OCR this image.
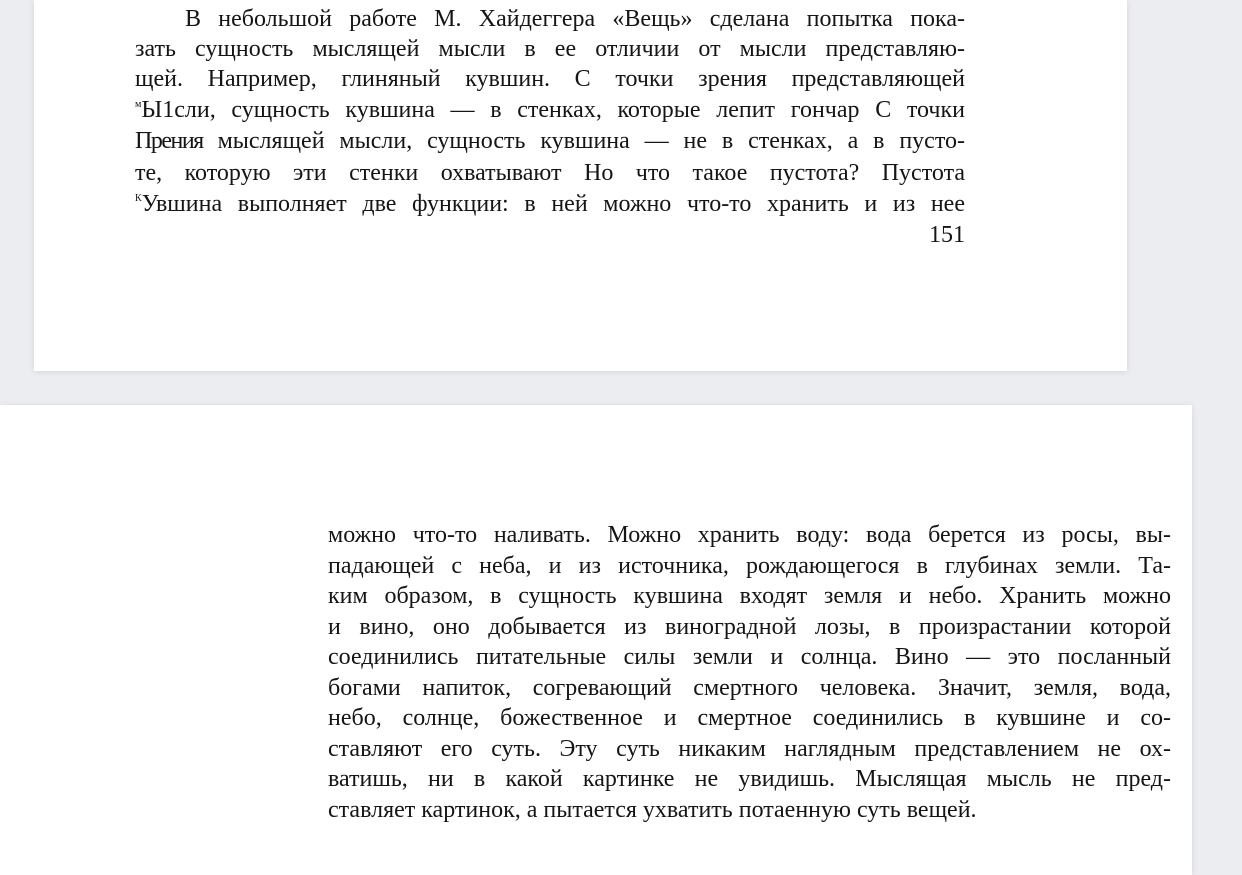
В небольшой работе М. Хайдеггера «Вещь» сделана попытка пока-
зать сущность мыслящей мысли в ее отличии от мысли представляю-
щей. Например, глиняный кувшин. С точки зрения представляющей
$^м$Ы1сли, сущность кувшина — в стенках, которые лепит гончар С точки
Прения мыслящей мысли, сущность кувшина — не в стенках, а в пусто-
те, которую эти стенки охватывают Но что такое пустота? Пустота
$^К$Увшина выполняет две функции: в ней можно что-то хранить и из нее
151
можно что-то наливать. Можно хранить воду: вода берется из росы, вы-
падающей с неба, и из источника, рождающегося в глубинах земли. Та-
ким образом, в сущность кувшина входят земля и небо. Хранить можно
и вино, оно добывается из виноградной лозы, в произрастании которой
соединились питательные силы земли и солнца. Вино — это посланный
богами напиток, согревающий смертного человека. Значит, земля, вода,
небо, солнце, божественное и смертное соединились в кувшине и со-
ставляют его суть. Эту суть никаким наглядным представлением не ох-
ватишь, ни в какой картинке не увидишь. Мыслящая мысль не пред-
ставляет картинок, а пытается ухватить потаенную суть вещей.
